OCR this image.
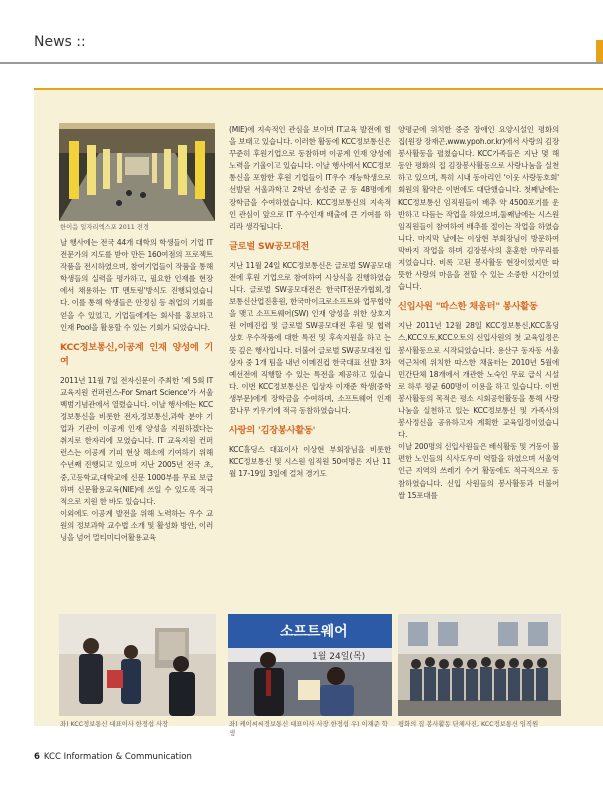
News ::
한이음 일자리엑스포 2011 전경

날 행사에는 전국 44개 대학의 학생들이 기업 IT 전문가의 지도를 받아 만든 160여점의 프로젝트 작품을 전시하였으며, 참여기업들이 작품을 통해 학생들의 실력을 평가하고, 필요한 인재를 현장에서 채용하는 'IT 멘토링'방식도 진행되었습니다. 이를 통해 학생들은 안정심 등 취업의 기회를 얻을 수 있었고, 기업들에게는 회사를 홍보하고 인재 Pool을 활용할 수 있는 기회가 되었습니다.

KCC정보통신,이공계 인재 양성에 기여

2011년 11월 7일 전자신문이 주최한 '제 5회 IT 교육지원 컨퍼런스-For Smart Science'가 서울 벡범기념관에서 열렸습니다. 이날 행사에는 KCC정보통신을 비롯한 전자,정보통신,과학 분야 기업과 기관이 이공계 인재 양성을 지원하겠다는 취지로 한자리에 모였습니다. IT 교육지원 컨퍼런스는 이공계 기피 현상 해소에 기여하기 위해 수년째 진행되고 있으며 지난 2005년 전국 초,중,고등학교,대학교에 신문 1000부를 무료 보급하며 신문활용교육(NIE)에 쓰일 수 있도록 적극적으로 지원 한 바도 있습니다.

이외에도 이공계 발전을 위해 노력하는 우수 교원의 정보과학 교수법 소개 및 활성화 방안, 이러닝을 넘어 멀티미디어활용교육

(MIE)에 지속적인 관심을 보이며 IT교육 발전에 힘을 보태고 있습니다. 이러한 활동에 KCC정보통신은 꾸준히 후원기업으로 동참하며 이공계 인재 양성에 노력을 기울이고 있습니다. 이날 행사에서 KCC정보통신을 포함한 후원 기업들이 IT우수 재능학생으로 선발된 서울과학고 2학년 송성준 군 등 48명에게 장학금을 수여하였습니다. KCC정보통신의 지속적인 관심이 앞으로 IT 우수인재 배출에 큰 기여를 하리라 생각됩니다.

글로벌 SW공모대전

지난 11월 24일 KCC정보통신은 글로벌 SW공모대전에 후원 기업으로 참여하여 시상식을 진행하였습니다. 글로벌 SW공모대전은 한국IT전문가협회,정보통신산업진흥원, 한국마이크로소프트와 업무협약을 맺고 소프트웨어(SW) 인재 양성을 위한 상호지원 어메진컵 및 글로벌 SW공모대전 후원 및 협력 상호 우수작품에 대한 특전 및 후속지원을 하고 는 뜻 깊은 행사입니다. 더불어 글로벌 SW공모대전 입상자 중 1개 팀을 내년 이메진컵 한국대표 선발 3차 예선전에 직행할 수 있는 특전을 제공하고 있습니다. 이번 KCC정보통신은 입상자 이재준 학생(중학생부문)에게 장학금을 수여하며, 소프트웨어 인재 꿈나무 키우기에 적극 동참하였습니다.

사랑의 '김장봉사활동'

KCC홀딩스 대표이사 이상현 부회장님을 비롯한 KCC정보통신 및 시스원 임직원 50여명은 지난 11월 17-19일 3일에 걸쳐 경기도

양평군에 위치한 중증 장애인 요양시설인 평화의 집(원장 장재곤,www.ypoh.or.kr)에서 사랑의 김장봉사활동을 펼쳤습니다. KCC가족들은 지난 몇 해 동안 평화의 집 김장봉사활동으로 사랑나눔을 실천하고 있으며, 특히 시내 동아리인 '이웃 사랑동호회' 회원의 활약은 이번에도 대단했습니다. 첫째날에는 KCC정보통신 임직원들이 배추 약 4500포기를 운반하고 다듬는 작업을 하였으며,둘째날에는 시스원 임직원들이 참여하여 배추를 절이는 작업을 하였습니다. 마지막 날에는 이상현 부회장님이 방문하여 막바지 작업을 하며 김장봉사의 훈훈한 마무리를 지었습니다. 비록 고된 봉사활동 현장이었지만 따뜻한 사랑의 마음을 전할 수 있는 소중한 시간이었습니다.

신입사원 "따스한 채움터" 봉사활동

지난 2011년 12월 28일 KCC정보통신,KCC홀딩스,KCC오토,KCC오토의 신입사원의 첫 교육일정은 봉사활동으로 시작되었습니다. 용산구 동자동 서울역근처에 위치한 따스한 채움터는 2010년 5월에 민간단체 18개에서 개관한 노숙인 무료 급식 시설로 하루 평균 600명이 이용을 하고 있습니다. 이번 봉사활동의 목적은 평소 시회공헌활동을 통해 사랑 나눔을 실천하고 있는 KCC정보통신 및 가족사의 봉사정신을 공유하고자 계획한 교육일정이었습니다.

이날 200명의 신입사원들은 배식활동 및 거동이 불편한 노인들의 식사도우미 역할을 하였으며 서울역 인근 지역의 쓰레기 수거 활동에도 적극적으로 동참하였습니다. 신입 사원들의 봉사활동과 더불어 쌀 15포대를

좌) KCC정보통신 대표이사 한정섭 사장
소프트웨어
1월 24일(목)
좌) 케이씨씨정보통신 대표이사 사장 한정섭 우) 이재준 학생
평화의 집 봉사활동 단체사진, KCC정보통신 임직원
6 KCC Information & Communication
